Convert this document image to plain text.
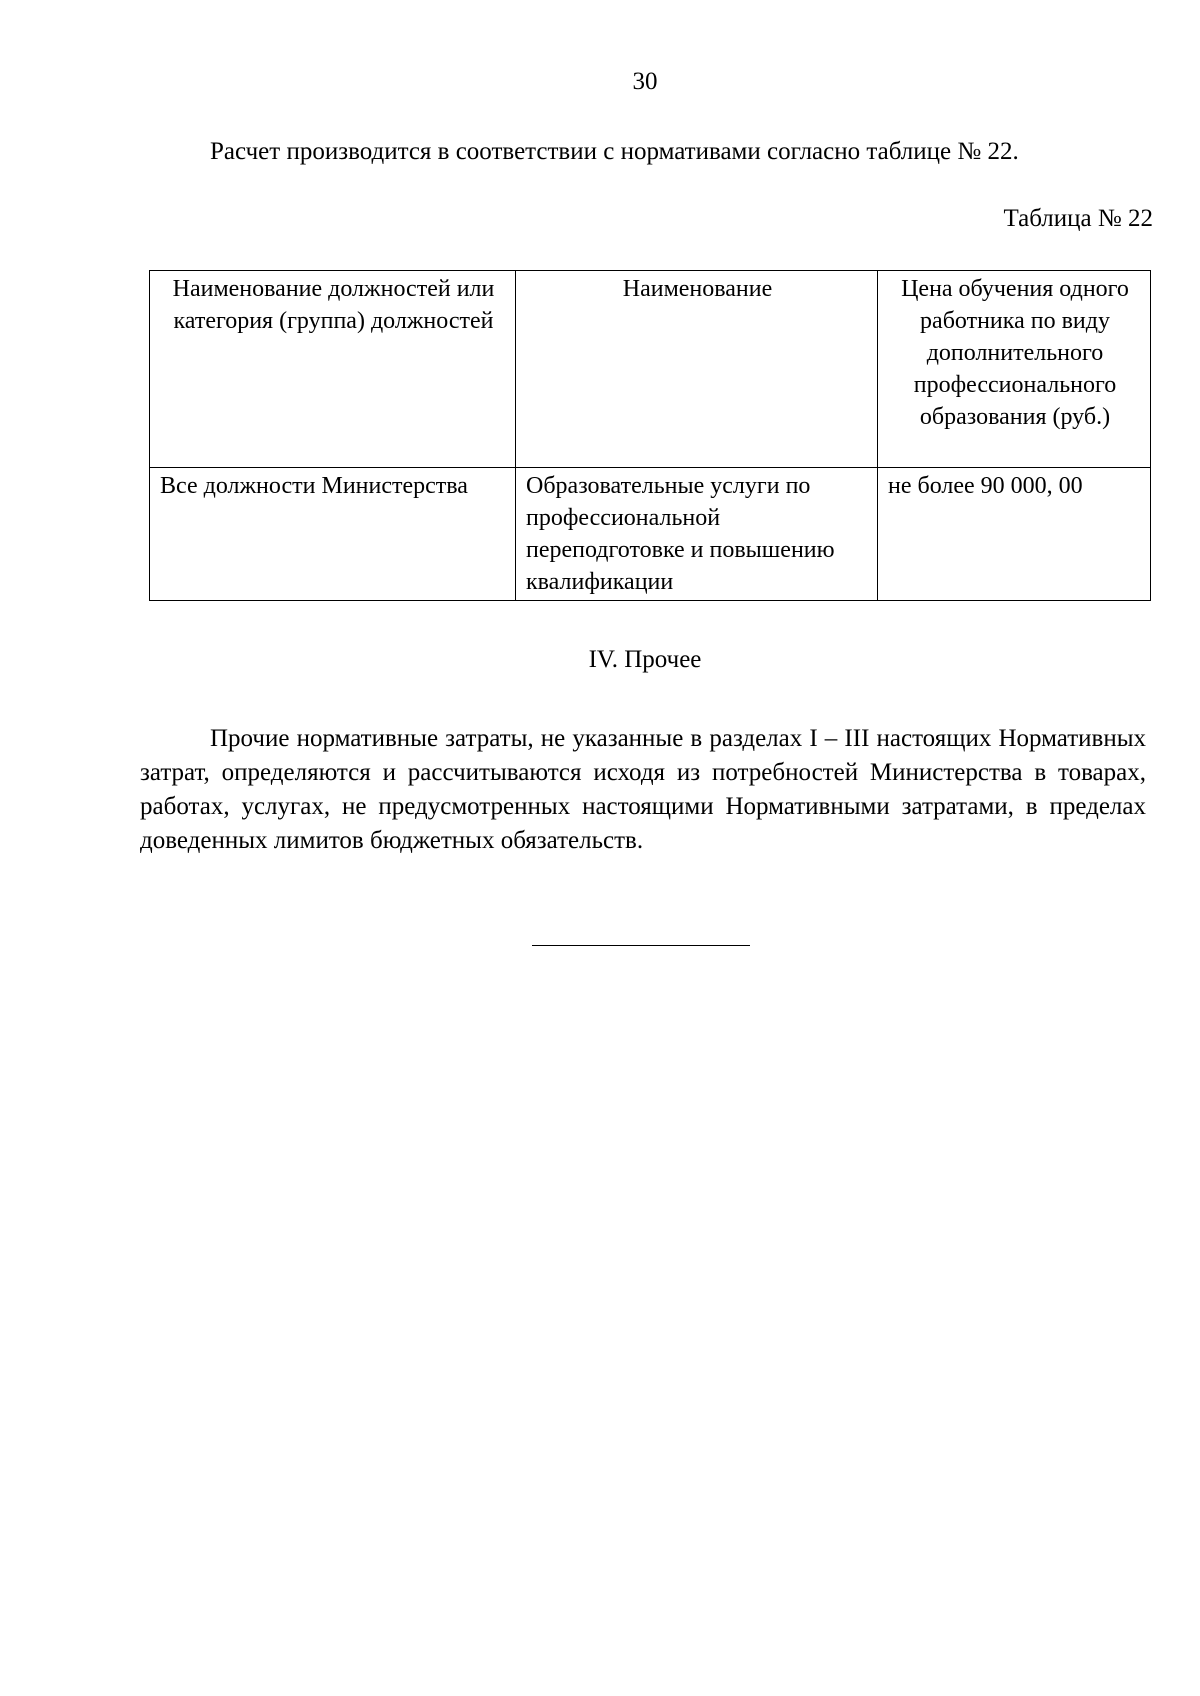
30
Расчет производится в соответствии с нормативами согласно таблице № 22.
Таблица № 22
Наименование должностей или категория (группа) должностей	Наименование	Цена обучения одного работника по виду дополнительного профессионального образования (руб.)
Все должности Министерства	Образовательные услуги по профессиональной переподготовке и повышению квалификации	не более 90 000, 00
IV. Прочее
Прочие нормативные затраты, не указанные в разделах I – III настоящих Нормативных затрат, определяются и рассчитываются исходя из потребностей Министерства в товарах, работах, услугах, не предусмотренных настоящими Нормативными затратами, в пределах доведенных лимитов бюджетных обязательств.
